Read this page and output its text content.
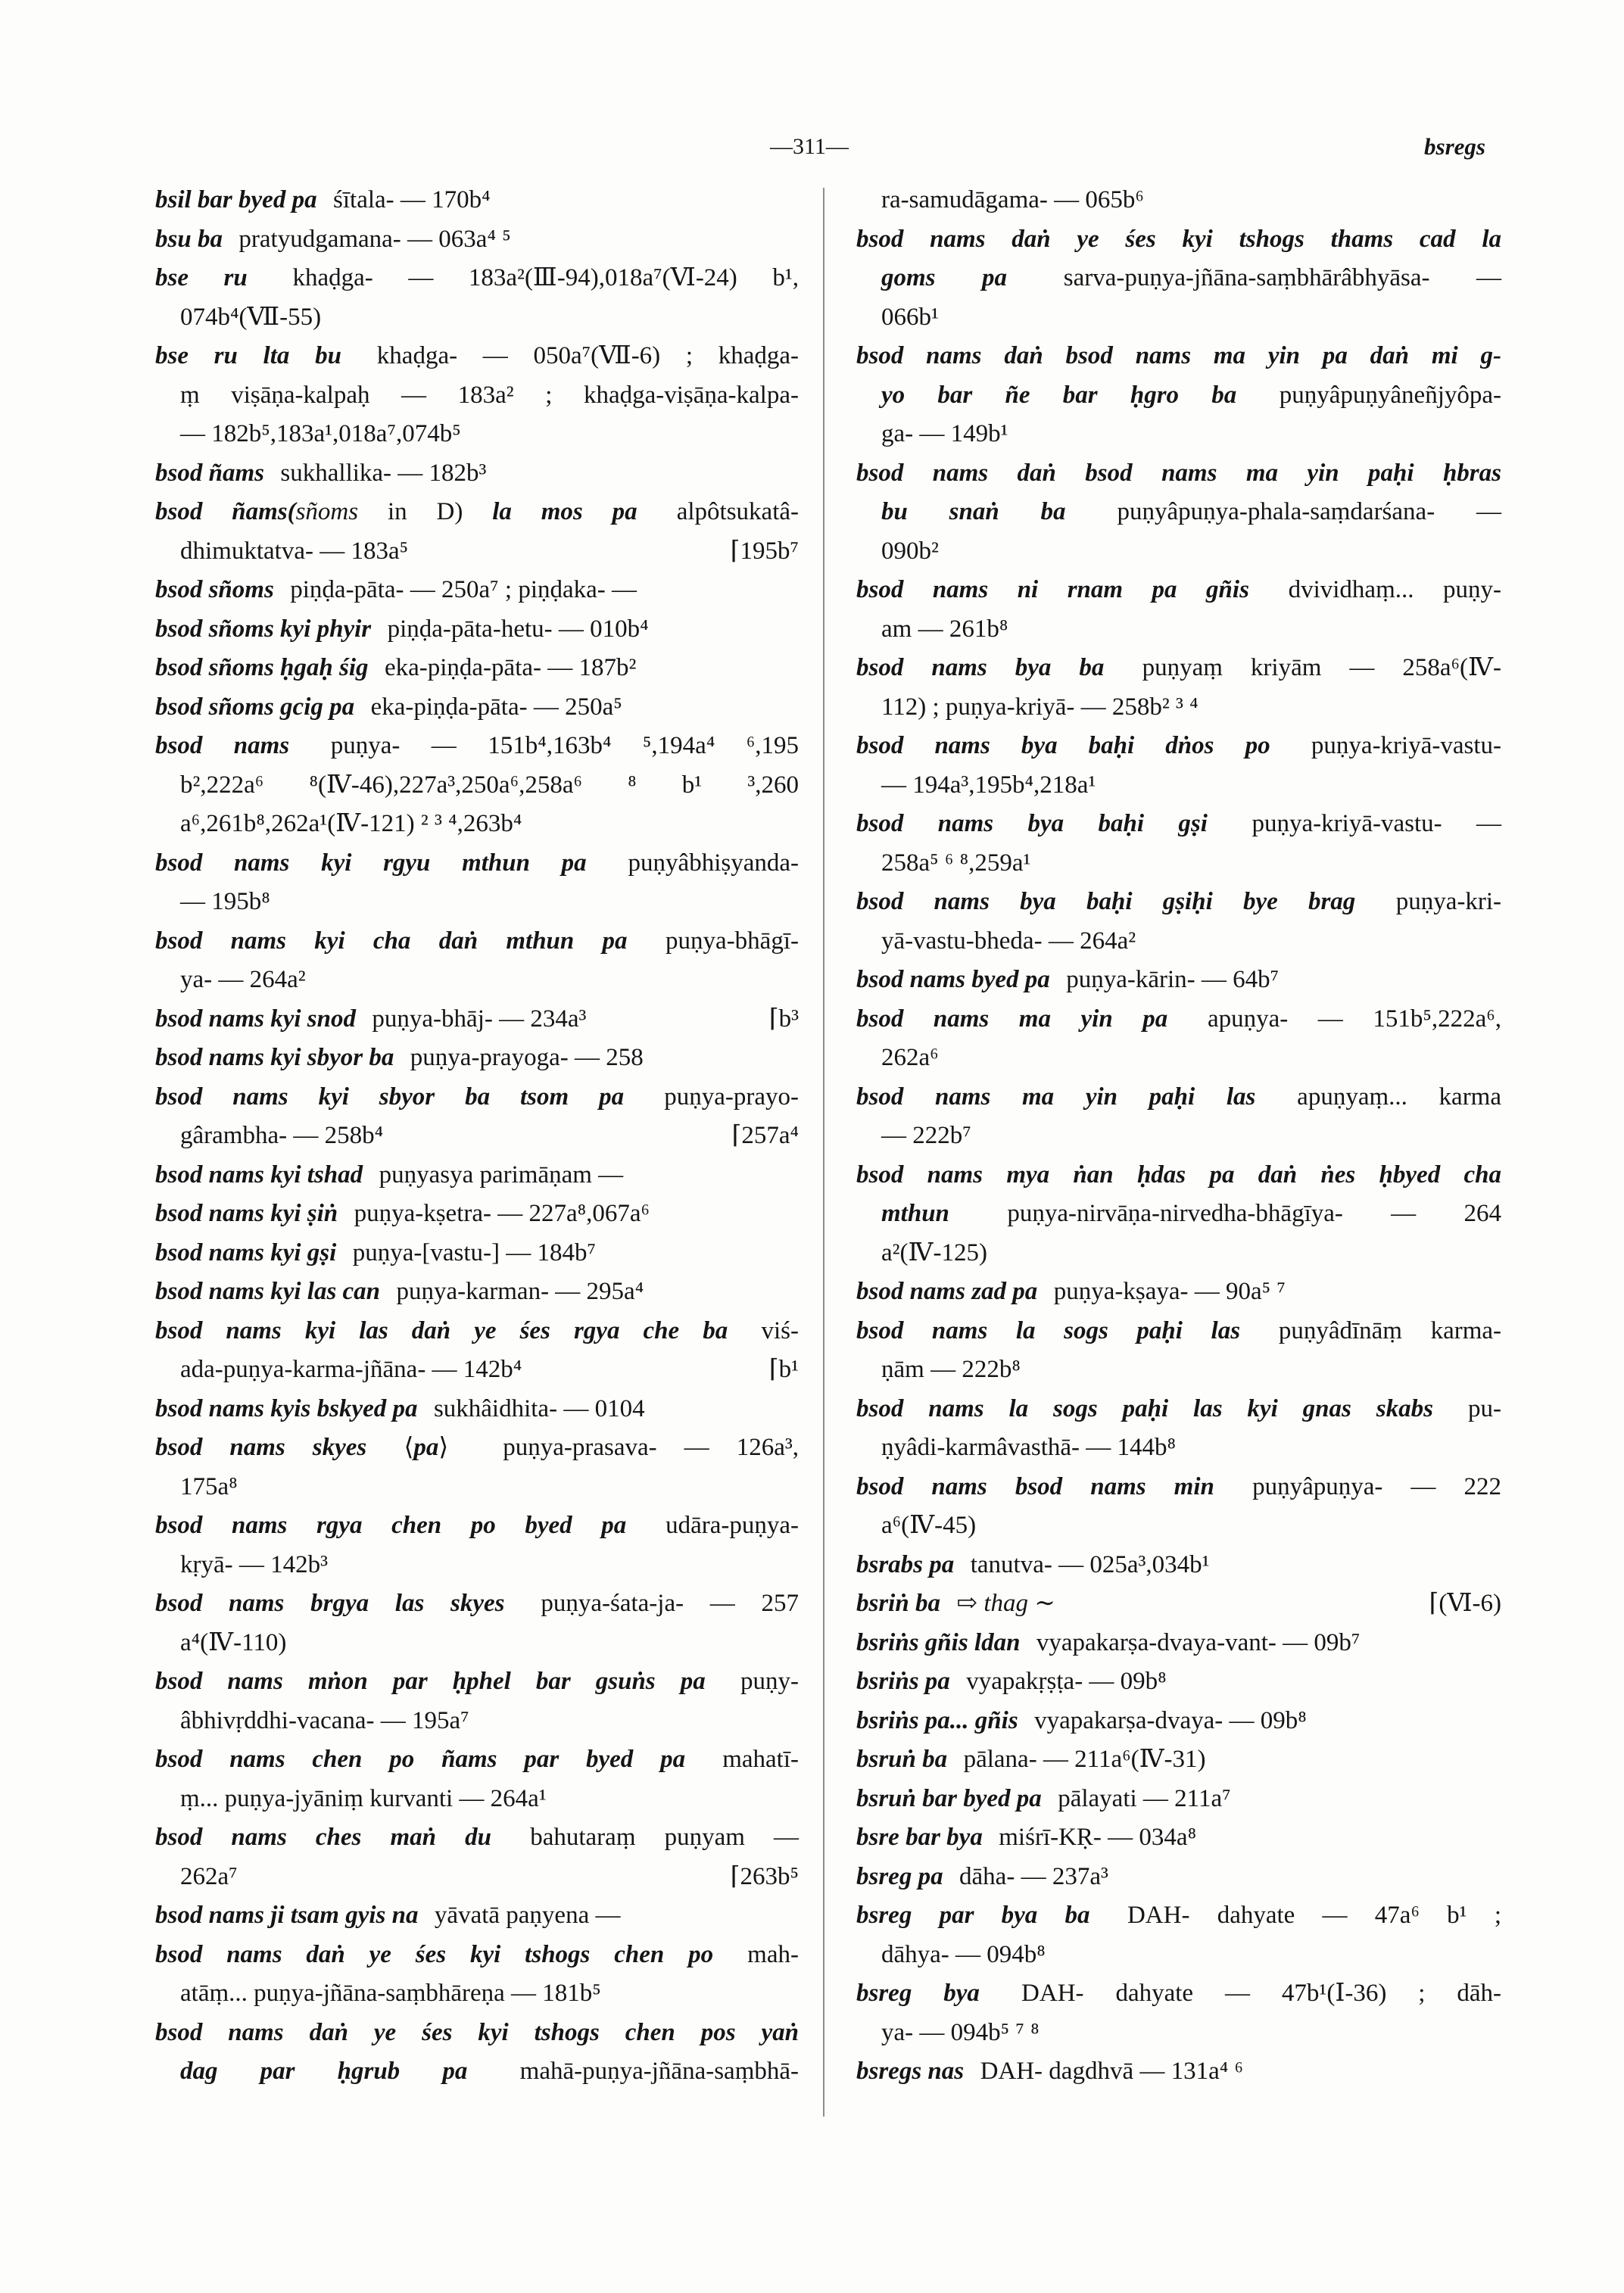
—311—	bsregs
bsil bar byed pa śītala- — 170b⁴
bsu ba pratyudgamana- — 063a⁴ ⁵
bse ru khaḍga- — 183a²(Ⅲ-94),018a⁷(Ⅵ-24) b¹,
074b⁴(Ⅶ-55)
bse ru lta bu khaḍga- — 050a⁷(Ⅶ-6) ; khaḍga-
ṃ viṣāṇa-kalpaḥ — 183a² ; khaḍga-viṣāṇa-kalpa-
— 182b⁵,183a¹,018a⁷,074b⁵
bsod ñams sukhallika- — 182b³
bsod ñams(sñoms in D) la mos pa alpôtsukatâ-
dhimuktatva- — 183a⁵	⌈195b⁷
bsod sñoms piṇḍa-pāta- — 250a⁷ ; piṇḍaka- —
bsod sñoms kyi phyir piṇḍa-pāta-hetu- — 010b⁴
bsod sñoms ḥgaḥ śig eka-piṇḍa-pāta- — 187b²
bsod sñoms gcig pa eka-piṇḍa-pāta- — 250a⁵
bsod nams puṇya- — 151b⁴,163b⁴ ⁵,194a⁴ ⁶,195
b²,222a⁶ ⁸(Ⅳ-46),227a³,250a⁶,258a⁶ ⁸ b¹ ³,260
a⁶,261b⁸,262a¹(Ⅳ-121) ² ³ ⁴,263b⁴
bsod nams kyi rgyu mthun pa puṇyâbhiṣyanda-
— 195b⁸
bsod nams kyi cha daṅ mthun pa puṇya-bhāgī-
ya- — 264a²
bsod nams kyi snod puṇya-bhāj- — 234a³	⌈b³
bsod nams kyi sbyor ba puṇya-prayoga- — 258
bsod nams kyi sbyor ba tsom pa puṇya-prayo-
gârambha- — 258b⁴	⌈257a⁴
bsod nams kyi tshad puṇyasya parimāṇam —
bsod nams kyi ṣiṅ puṇya-kṣetra- — 227a⁸,067a⁶
bsod nams kyi gṣi puṇya-[vastu-] — 184b⁷
bsod nams kyi las can puṇya-karman- — 295a⁴
bsod nams kyi las daṅ ye śes rgya che ba viś-
ada-puṇya-karma-jñāna- — 142b⁴	⌈b¹
bsod nams kyis bskyed pa sukhâidhita- — 0104
bsod nams skyes ⟨pa⟩  puṇya-prasava- — 126a³,
175a⁸
bsod nams rgya chen po byed pa udāra-puṇya-
kṛyā- — 142b³
bsod nams brgya las skyes puṇya-śata-ja- — 257
a⁴(Ⅳ-110)
bsod nams mṅon par ḥphel bar gsuṅs pa puṇy-
âbhivṛddhi-vacana- — 195a⁷
bsod nams chen po ñams par byed pa mahatī-
ṃ... puṇya-jyāniṃ kurvanti — 264a¹
bsod nams ches maṅ du bahutaraṃ puṇyam —
262a⁷	⌈263b⁵
bsod nams ji tsam gyis na yāvatā paṇyena —
bsod nams daṅ ye śes kyi tshogs chen po mah-
atāṃ... puṇya-jñāna-saṃbhāreṇa — 181b⁵
bsod nams daṅ ye śes kyi tshogs chen pos yaṅ
dag par ḥgrub pa mahā-puṇya-jñāna-saṃbhā-
ra-samudāgama- — 065b⁶
bsod nams daṅ ye śes kyi tshogs thams cad la
goms pa sarva-puṇya-jñāna-saṃbhārâbhyāsa- —
066b¹
bsod nams daṅ bsod nams ma yin pa daṅ mi g-
yo bar ñe bar ḥgro ba puṇyâpuṇyâneñjyôpa-
ga- — 149b¹
bsod nams daṅ bsod nams ma yin paḥi ḥbras
bu snaṅ ba puṇyâpuṇya-phala-saṃdarśana- —
090b²
bsod nams ni rnam pa gñis dvividhaṃ... puṇy-
am — 261b⁸
bsod nams bya ba puṇyaṃ kriyām — 258a⁶(Ⅳ-
112) ; puṇya-kriyā- — 258b² ³ ⁴
bsod nams bya baḥi dṅos po puṇya-kriyā-vastu-
— 194a³,195b⁴,218a¹
bsod nams bya baḥi gṣi puṇya-kriyā-vastu- —
258a⁵ ⁶ ⁸,259a¹
bsod nams bya baḥi gṣiḥi bye brag puṇya-kri-
yā-vastu-bheda- — 264a²
bsod nams byed pa puṇya-kārin- — 64b⁷
bsod nams ma yin pa apuṇya- — 151b⁵,222a⁶,
262a⁶
bsod nams ma yin paḥi las apuṇyaṃ... karma
— 222b⁷
bsod nams mya ṅan ḥdas pa daṅ ṅes ḥbyed cha
mthun puṇya-nirvāṇa-nirvedha-bhāgīya- — 264
a²(Ⅳ-125)
bsod nams zad pa puṇya-kṣaya- — 90a⁵ ⁷
bsod nams la sogs paḥi las puṇyâdīnāṃ karma-
ṇām — 222b⁸
bsod nams la sogs paḥi las kyi gnas skabs pu-
ṇyâdi-karmâvasthā- — 144b⁸
bsod nams bsod nams min puṇyâpuṇya- — 222
a⁶(Ⅳ-45)
bsrabs pa tanutva- — 025a³,034b¹
bsriṅ ba ⇨ thag ∼	⌈(Ⅵ-6)
bsriṅs gñis ldan vyapakarṣa-dvaya-vant- — 09b⁷
bsriṅs pa vyapakṛṣṭa- — 09b⁸
bsriṅs pa... gñis vyapakarṣa-dvaya- — 09b⁸
bsruṅ ba pālana- — 211a⁶(Ⅳ-31)
bsruṅ bar byed pa pālayati — 211a⁷
bsre bar bya miśrī-KṚ- — 034a⁸
bsreg pa dāha- — 237a³
bsreg par bya ba DAH- dahyate — 47a⁶ b¹ ;
dāhya- — 094b⁸
bsreg bya DAH- dahyate — 47b¹(Ⅰ-36) ; dāh-
ya- — 094b⁵ ⁷ ⁸
bsregs nas DAH- dagdhvā — 131a⁴ ⁶
